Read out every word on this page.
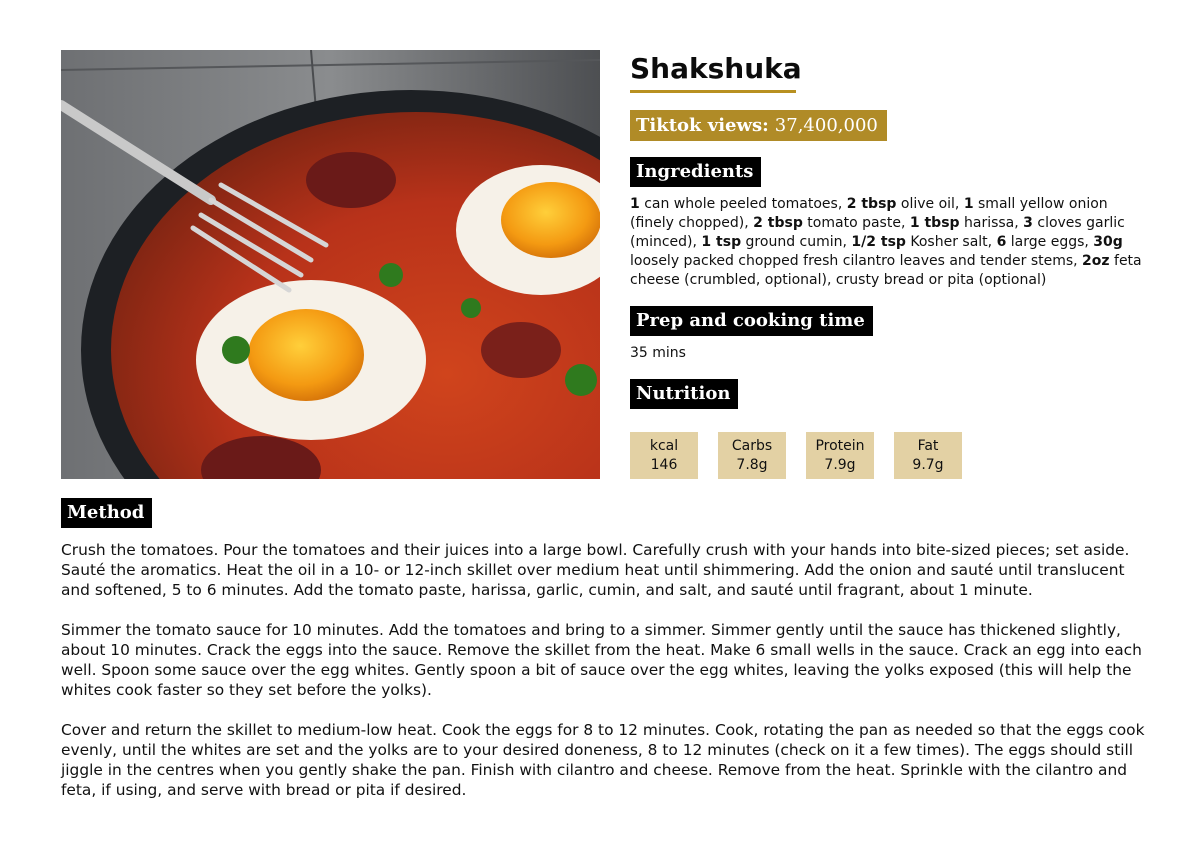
Shakshuka
Tiktok views: 37,400,000
Ingredients

1 can whole peeled tomatoes, 2 tbsp olive oil, 1 small yellow onion (finely chopped), 2 tbsp tomato paste, 1 tbsp harissa, 3 cloves garlic (minced), 1 tsp ground cumin, 1/2 tsp Kosher salt, 6 large eggs, 30g loosely packed chopped fresh cilantro leaves and tender stems, 2oz feta cheese (crumbled, optional), crusty bread or pita (optional)

Prep and cooking time

35 mins

Nutrition
kcal
146
Carbs
7.8g
Protein
7.9g
Fat
9.7g
Method

Crush the tomatoes. Pour the tomatoes and their juices into a large bowl. Carefully crush with your hands into bite-sized pieces; set aside. Sauté the aromatics. Heat the oil in a 10- or 12-inch skillet over medium heat until shimmering. Add the onion and sauté until translucent and softened, 5 to 6 minutes. Add the tomato paste, harissa, garlic, cumin, and salt, and sauté until fragrant, about 1 minute.

Simmer the tomato sauce for 10 minutes. Add the tomatoes and bring to a simmer. Simmer gently until the sauce has thickened slightly, about 10 minutes. Crack the eggs into the sauce. Remove the skillet from the heat. Make 6 small wells in the sauce. Crack an egg into each well. Spoon some sauce over the egg whites. Gently spoon a bit of sauce over the egg whites, leaving the yolks exposed (this will help the whites cook faster so they set before the yolks).

Cover and return the skillet to medium-low heat. Cook the eggs for 8 to 12 minutes. Cook, rotating the pan as needed so that the eggs cook evenly, until the whites are set and the yolks are to your desired doneness, 8 to 12 minutes (check on it a few times). The eggs should still jiggle in the centres when you gently shake the pan. Finish with cilantro and cheese. Remove from the heat. Sprinkle with the cilantro and feta, if using, and serve with bread or pita if desired.
